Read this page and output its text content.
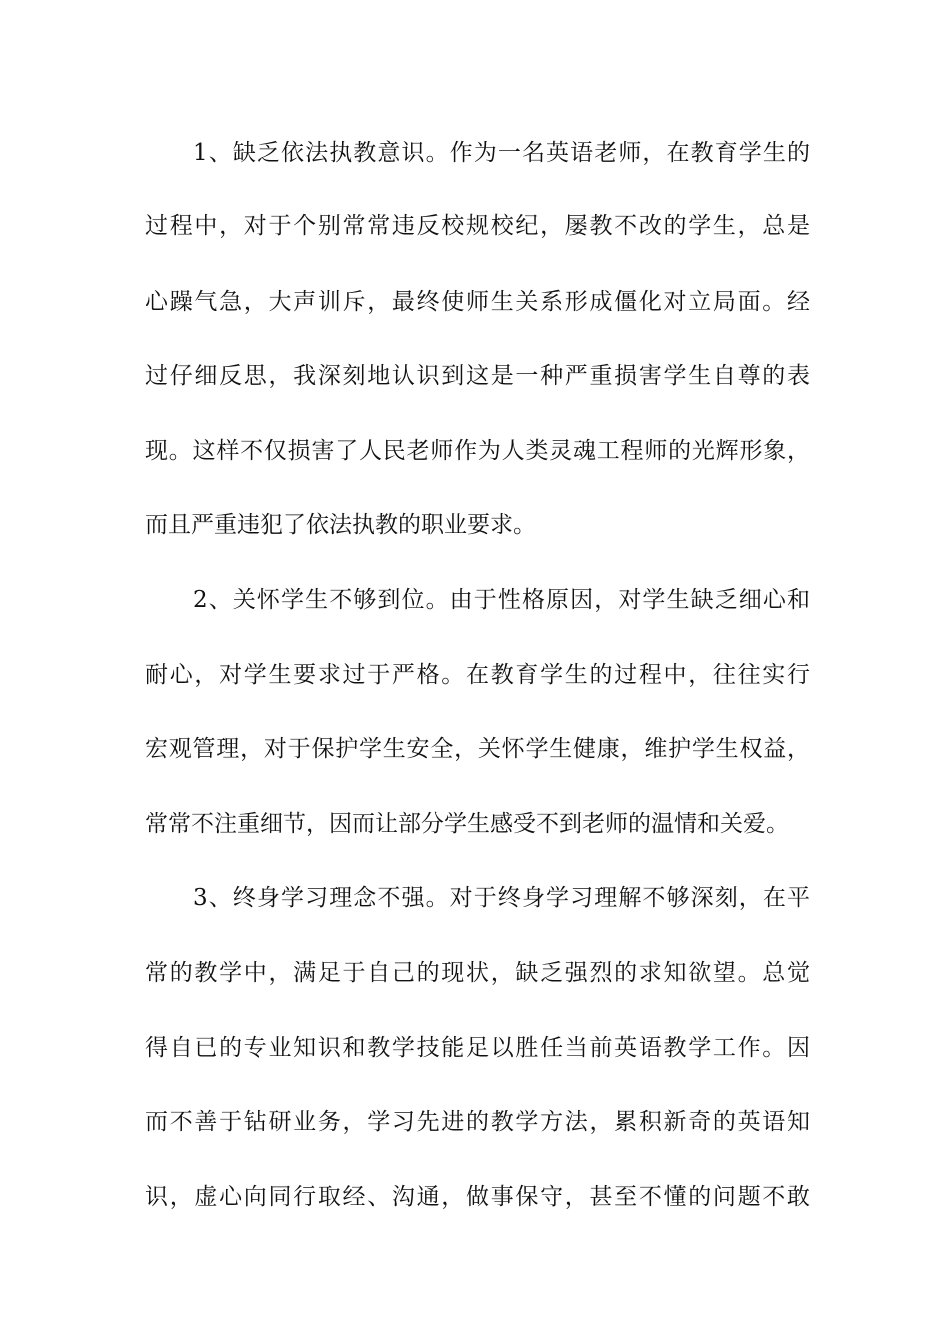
1、缺乏依法执教意识。作为一名英语老师，在教育学生的
过程中，对于个别常常违反校规校纪，屡教不改的学生，总是
心躁气急，大声训斥，最终使师生关系形成僵化对立局面。经
过仔细反思，我深刻地认识到这是一种严重损害学生自尊的表
现。这样不仅损害了人民老师作为人类灵魂工程师的光辉形象，
而且严重违犯了依法执教的职业要求。
2、关怀学生不够到位。由于性格原因，对学生缺乏细心和
耐心，对学生要求过于严格。在教育学生的过程中，往往实行
宏观管理，对于保护学生安全，关怀学生健康，维护学生权益，
常常不注重细节，因而让部分学生感受不到老师的温情和关爱。
3、终身学习理念不强。对于终身学习理解不够深刻，在平
常的教学中，满足于自己的现状，缺乏强烈的求知欲望。总觉
得自已的专业知识和教学技能足以胜任当前英语教学工作。因
而不善于钻研业务，学习先进的教学方法，累积新奇的英语知
识，虚心向同行取经、沟通，做事保守，甚至不懂的问题不敢
